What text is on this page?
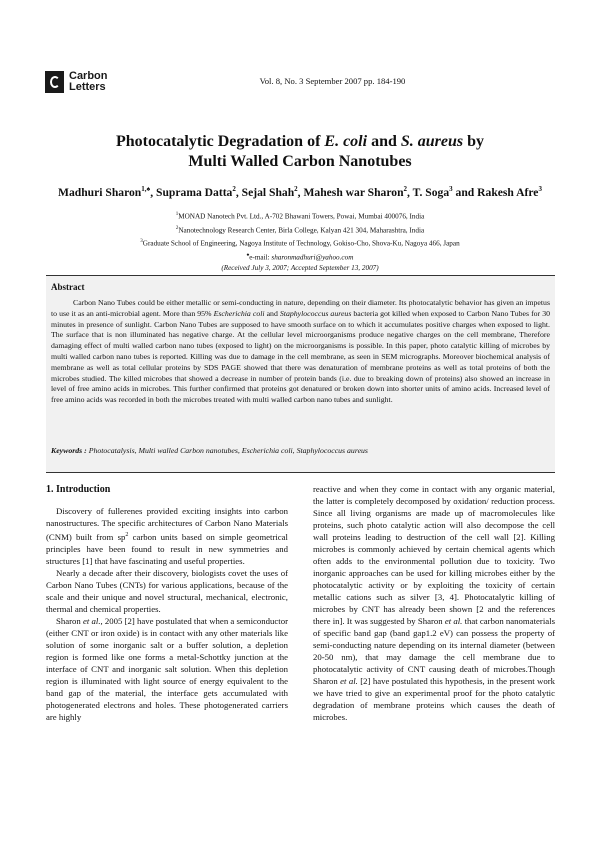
Carbon
Letters	Vol. 8, No. 3 September 2007 pp. 184-190
Photocatalytic Degradation of E. coli and S. aureus by
Multi Walled Carbon Nanotubes
Madhuri Sharon$^{1,♠}$, Suprama Datta$^2$, Sejal Shah$^2$, Mahesh war Sharon$^2$, T. Soga$^3$ and Rakesh Afre$^3$
$^1$MONAD Nanotech Pvt. Ltd., A-702 Bhawani Towers, Powai, Mumbai 400076, India
$^2$Nanotechnology Research Center, Birla College, Kalyan 421 304, Maharashtra, India
$^3$Graduate School of Engineering, Nagoya Institute of Technology, Gokiso-Cho, Shova-Ku, Nagoya 466, Japan
♠e-mail: sharonmadhuri@yahoo.com
(Received July 3, 2007; Accepted September 13, 2007)
Abstract
Carbon Nano Tubes could be either metallic or semi-conducting in nature, depending on their diameter. Its photocatalytic behavior has given an impetus to use it as an anti-microbial agent. More than 95% Escherichia coli and Staphylococcus aureus bacteria got killed when exposed to Carbon Nano Tubes for 30 minutes in presence of sunlight. Carbon Nano Tubes are supposed to have smooth surface on to which it accumulates positive charges when exposed to light. The surface that is non illuminated has negative charge. At the cellular level microorganisms produce negative charges on the cell membrane, Therefore damaging effect of multi walled carbon nano tubes (exposed to light) on the microorganisms is possible. In this paper, photo catalytic killing of microbes by multi walled carbon nano tubes is reported. Killing was due to damage in the cell membrane, as seen in SEM micrographs. Moreover biochemical analysis of membrane as well as total cellular proteins by SDS PAGE showed that there was denaturation of membrane proteins as well as total proteins of both the microbes studied. The killed microbes that showed a decrease in number of protein bands (i.e. due to breaking down of proteins) also showed an increase in level of free amino acids in microbes. This further confirmed that proteins got denatured or broken down into shorter units of amino acids. Increased level of free amino acids was recorded in both the microbes treated with multi walled carbon nano tubes and sunlight.
Keywords : Photocatalysis, Multi walled Carbon nanotubes, Escherichia coli, Staphylococcus aureus
1. Introduction

Discovery of fullerenes provided exciting insights into carbon nanostructures. The specific architectures of Carbon Nano Materials (CNM) built from $sp^2$ carbon units based on simple geometrical principles have been found to result in new symmetries and structures [1] that have fascinating and useful properties.

Nearly a decade after their discovery, biologists covet the uses of Carbon Nano Tubes (CNTs) for various applications, because of the scale and their unique and novel structural, mechanical, electronic, thermal and chemical properties.

Sharon et al., 2005 [2] have postulated that when a semiconductor (either CNT or iron oxide) is in contact with any other materials like solution of some inorganic salt or a buffer solution, a depletion region is formed like one forms a metal-Schottky junction at the interface of CNT and inorganic salt solution. When this depletion region is illuminated with light source of energy equivalent to the band gap of the material, the interface gets accumulated with photogenerated electrons and holes. These photogenerated carriers are highly

reactive and when they come in contact with any organic material, the latter is completely decomposed by oxidation/ reduction process. Since all living organisms are made up of macromolecules like proteins, such photo catalytic action will also decompose the cell wall proteins leading to destruction of the cell wall [2]. Killing microbes is commonly achieved by certain chemical agents which often adds to the environmental pollution due to toxicity. Two inorganic approaches can be used for killing microbes either by the photocatalytic activity or by exploiting the toxicity of certain metallic cations such as silver [3, 4]. Photocatalytic killing of microbes by CNT has already been shown [2 and the references there in]. It was suggested by Sharon et al. that carbon nanomaterials of specific band gap (band gap1.2 eV) can possess the property of semi-conducting nature depending on its internal diameter (between 20-50 nm), that may damage the cell membrane due to photocatalytic activity of CNT causing death of microbes.Though Sharon et al. [2] have postulated this hypothesis, in the present work we have tried to give an experimental proof for the photo catalytic degradation of membrane proteins which causes the death of microbes.
